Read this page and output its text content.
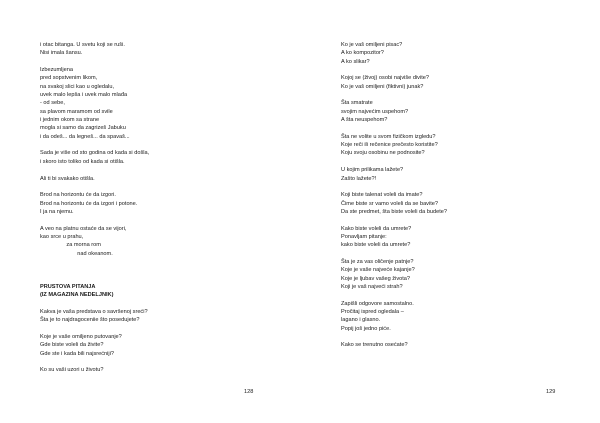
i otac bitanga. U svetu koji se ruši.
Nisi imala šansu.
Izbezumljena
pred sopstvenim likom,
na svakoj slici kao u ogledalu,
uvek malo lepša i uvek malo mlađa
- od sebe,
sa plavom maramom od svile
i jednim okom sa strane
mogla si samo da zagrizeš Jabuku
i da odeš... da legneš... da spavaš...
Sada je više od sto godina od kada si došla,
i skoro isto toliko od kada si otišla.
Ali ti bi svakako otišla.
Brod na horizontu će da izgori.
Brod na horizontu će da izgori i potone.
I ja na njemu.
A veo na platnu ostaće da se vijori,
kao srce u prahu,
za morna rom
nad okeanom.
PRUSTOVA PITANJA
(IZ MAGAZINA NEDELJNIK)
Kakva je vaša predstava o savršenoj sreći?
Šta je to najdragoceniie što posedujete?
Koje je vaše omiljeno putovanje?
Gde biste voleli da živite?
Gde ste i kada bili najsrećniji?
Ko su vaši uzori u životu?
128
Ko je vaš omiljeni pisac?
A ko kompozitor?
A ko slikar?
Kojoj se (živoj) osobi najviše divite?
Ko je vaš omiljeni (fiktivni) junak?
Šta smatrate
svojim najvećim uspehom?
A šta neuspehom?
Šta ne volite u svom fizičkom izgledu?
Koje reči ili rečenice prečesto koristite?
Koju svoju osobinu ne podnosite?
U kojim prilikama lažete?
Zašto lažete?!
Koji biste talenat voleli da imate?
Čime biste sr vamo voleli da se bavite?
Da ste predmet, šta biste voleli da budete?
Kako biste voleli da umrete?
Ponavljam pitanje:
kako biste voleli da umrete?
Šta je za vas oličenje patnje?
Koje je vaše najveće kajanje?
Koje je ljubav vašeg života?
Koji je vaš najveći strah?
Zapišli odgovore samostalno.
Pročitaj ispred ogledala –
lagano i glasno.
Popij još jedno piće.
Kako se trenutno osećate?
129
